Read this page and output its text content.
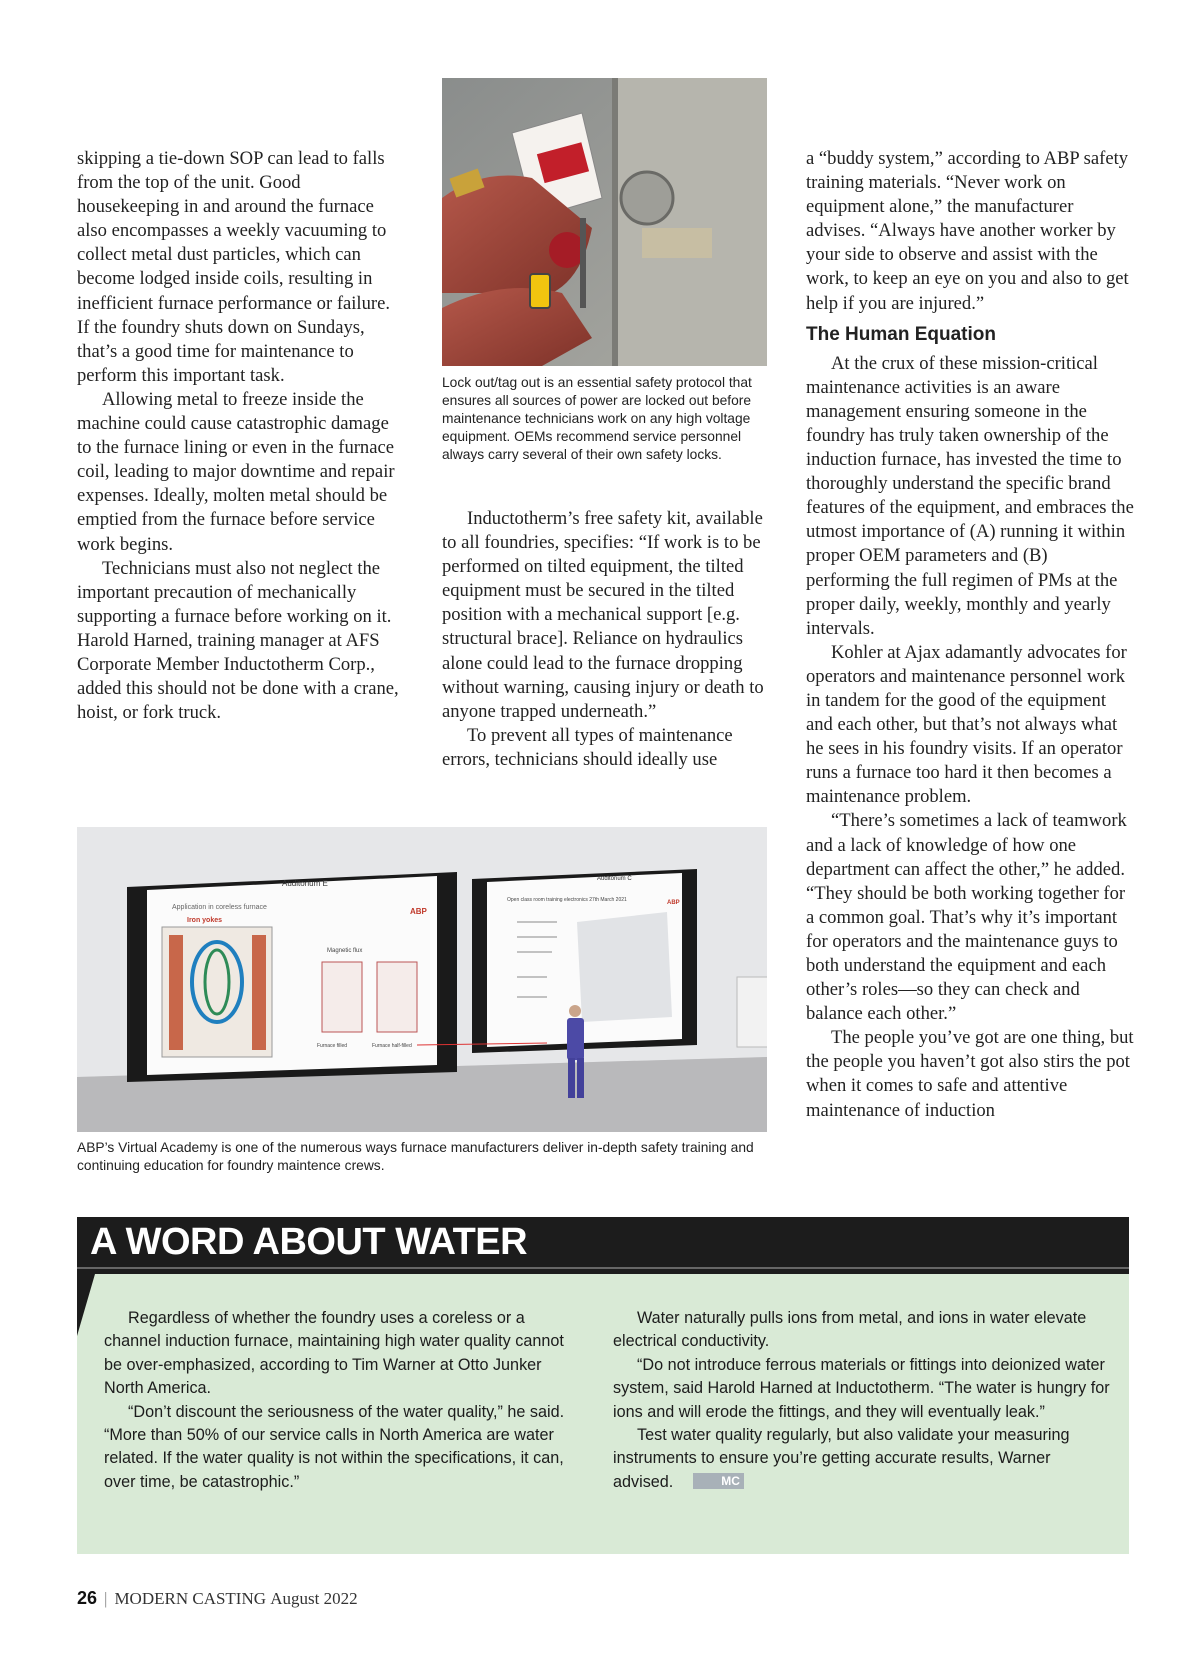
skipping a tie-down SOP can lead to falls from the top of the unit. Good housekeeping in and around the furnace also encompasses a weekly vacuuming to collect metal dust particles, which can become lodged inside coils, resulting in inefficient furnace performance or failure. If the foundry shuts down on Sundays, that’s a good time for maintenance to perform this important task.

Allowing metal to freeze inside the machine could cause catastrophic damage to the furnace lining or even in the furnace coil, leading to major downtime and repair expenses. Ideally, molten metal should be emptied from the furnace before service work begins.

Technicians must also not neglect the important precaution of mechanically supporting a furnace before working on it. Harold Harned, training manager at AFS Corporate Member Inductotherm Corp., added this should not be done with a crane, hoist, or fork truck.

Lock out/tag out is an essential safety protocol that ensures all sources of power are locked out before maintenance technicians work on any high voltage equipment. OEMs recommend service personnel always carry several of their own safety locks.

Inductotherm’s free safety kit, available to all foundries, specifies: “If work is to be performed on tilted equipment, the tilted equipment must be secured in the tilted position with a mechanical support [e.g. structural brace]. Reliance on hydraulics alone could lead to the furnace dropping without warning, causing injury or death to anyone trapped underneath.”

To prevent all types of maintenance errors, technicians should ideally use

a “buddy system,” according to ABP safety training materials. “Never work on equipment alone,” the manufacturer advises. “Always have another worker by your side to observe and assist with the work, to keep an eye on you and also to get help if you are injured.”

The Human Equation

At the crux of these mission-critical maintenance activities is an aware management ensuring someone in the foundry has truly taken ownership of the induction furnace, has invested the time to thoroughly understand the specific brand features of the equipment, and embraces the utmost importance of (A) running it within proper OEM parameters and (B) performing the full regimen of PMs at the proper daily, weekly, monthly and yearly intervals.

Kohler at Ajax adamantly advocates for operators and maintenance personnel work in tandem for the good of the equipment and each other, but that’s not always what he sees in his foundry visits. If an operator runs a furnace too hard it then becomes a maintenance problem.

“There’s sometimes a lack of teamwork and a lack of knowledge of how one department can affect the other,” he added. “They should be both working together for a common goal. That’s why it’s important for operators and the maintenance guys to both understand the equipment and each other’s roles—so they can check and balance each other.”

The people you’ve got are one thing, but the people you haven’t got also stirs the pot when it comes to safe and attentive maintenance of induction

Auditorium E
Application in coreless furnace
Iron yokes
ABP
Magnetic flux
Furnace filled	Furnace half-filled
Auditorium C
Open class room training electronics 27th March 2021	ABP

ABP’s Virtual Academy is one of the numerous ways furnace manufacturers deliver in-depth safety training and continuing education for foundry maintence crews.

A WORD ABOUT WATER

Regardless of whether the foundry uses a coreless or a channel induction furnace, maintaining high water quality cannot be over-emphasized, according to Tim Warner at Otto Junker North America.

“Don’t discount the seriousness of the water quality,” he said. “More than 50% of our service calls in North America are water related. If the water quality is not within the specifications, it can, over time, be catastrophic.”

Water naturally pulls ions from metal, and ions in water elevate electrical conductivity.

“Do not introduce ferrous materials or fittings into deionized water system, said Harold Harned at Inductotherm. “The water is hungry for ions and will erode the fittings, and they will eventually leak.”

Test water quality regularly, but also validate your measuring instruments to ensure you’re getting accurate results, Warner advised.	MC

26 | MODERN CASTING August 2022
